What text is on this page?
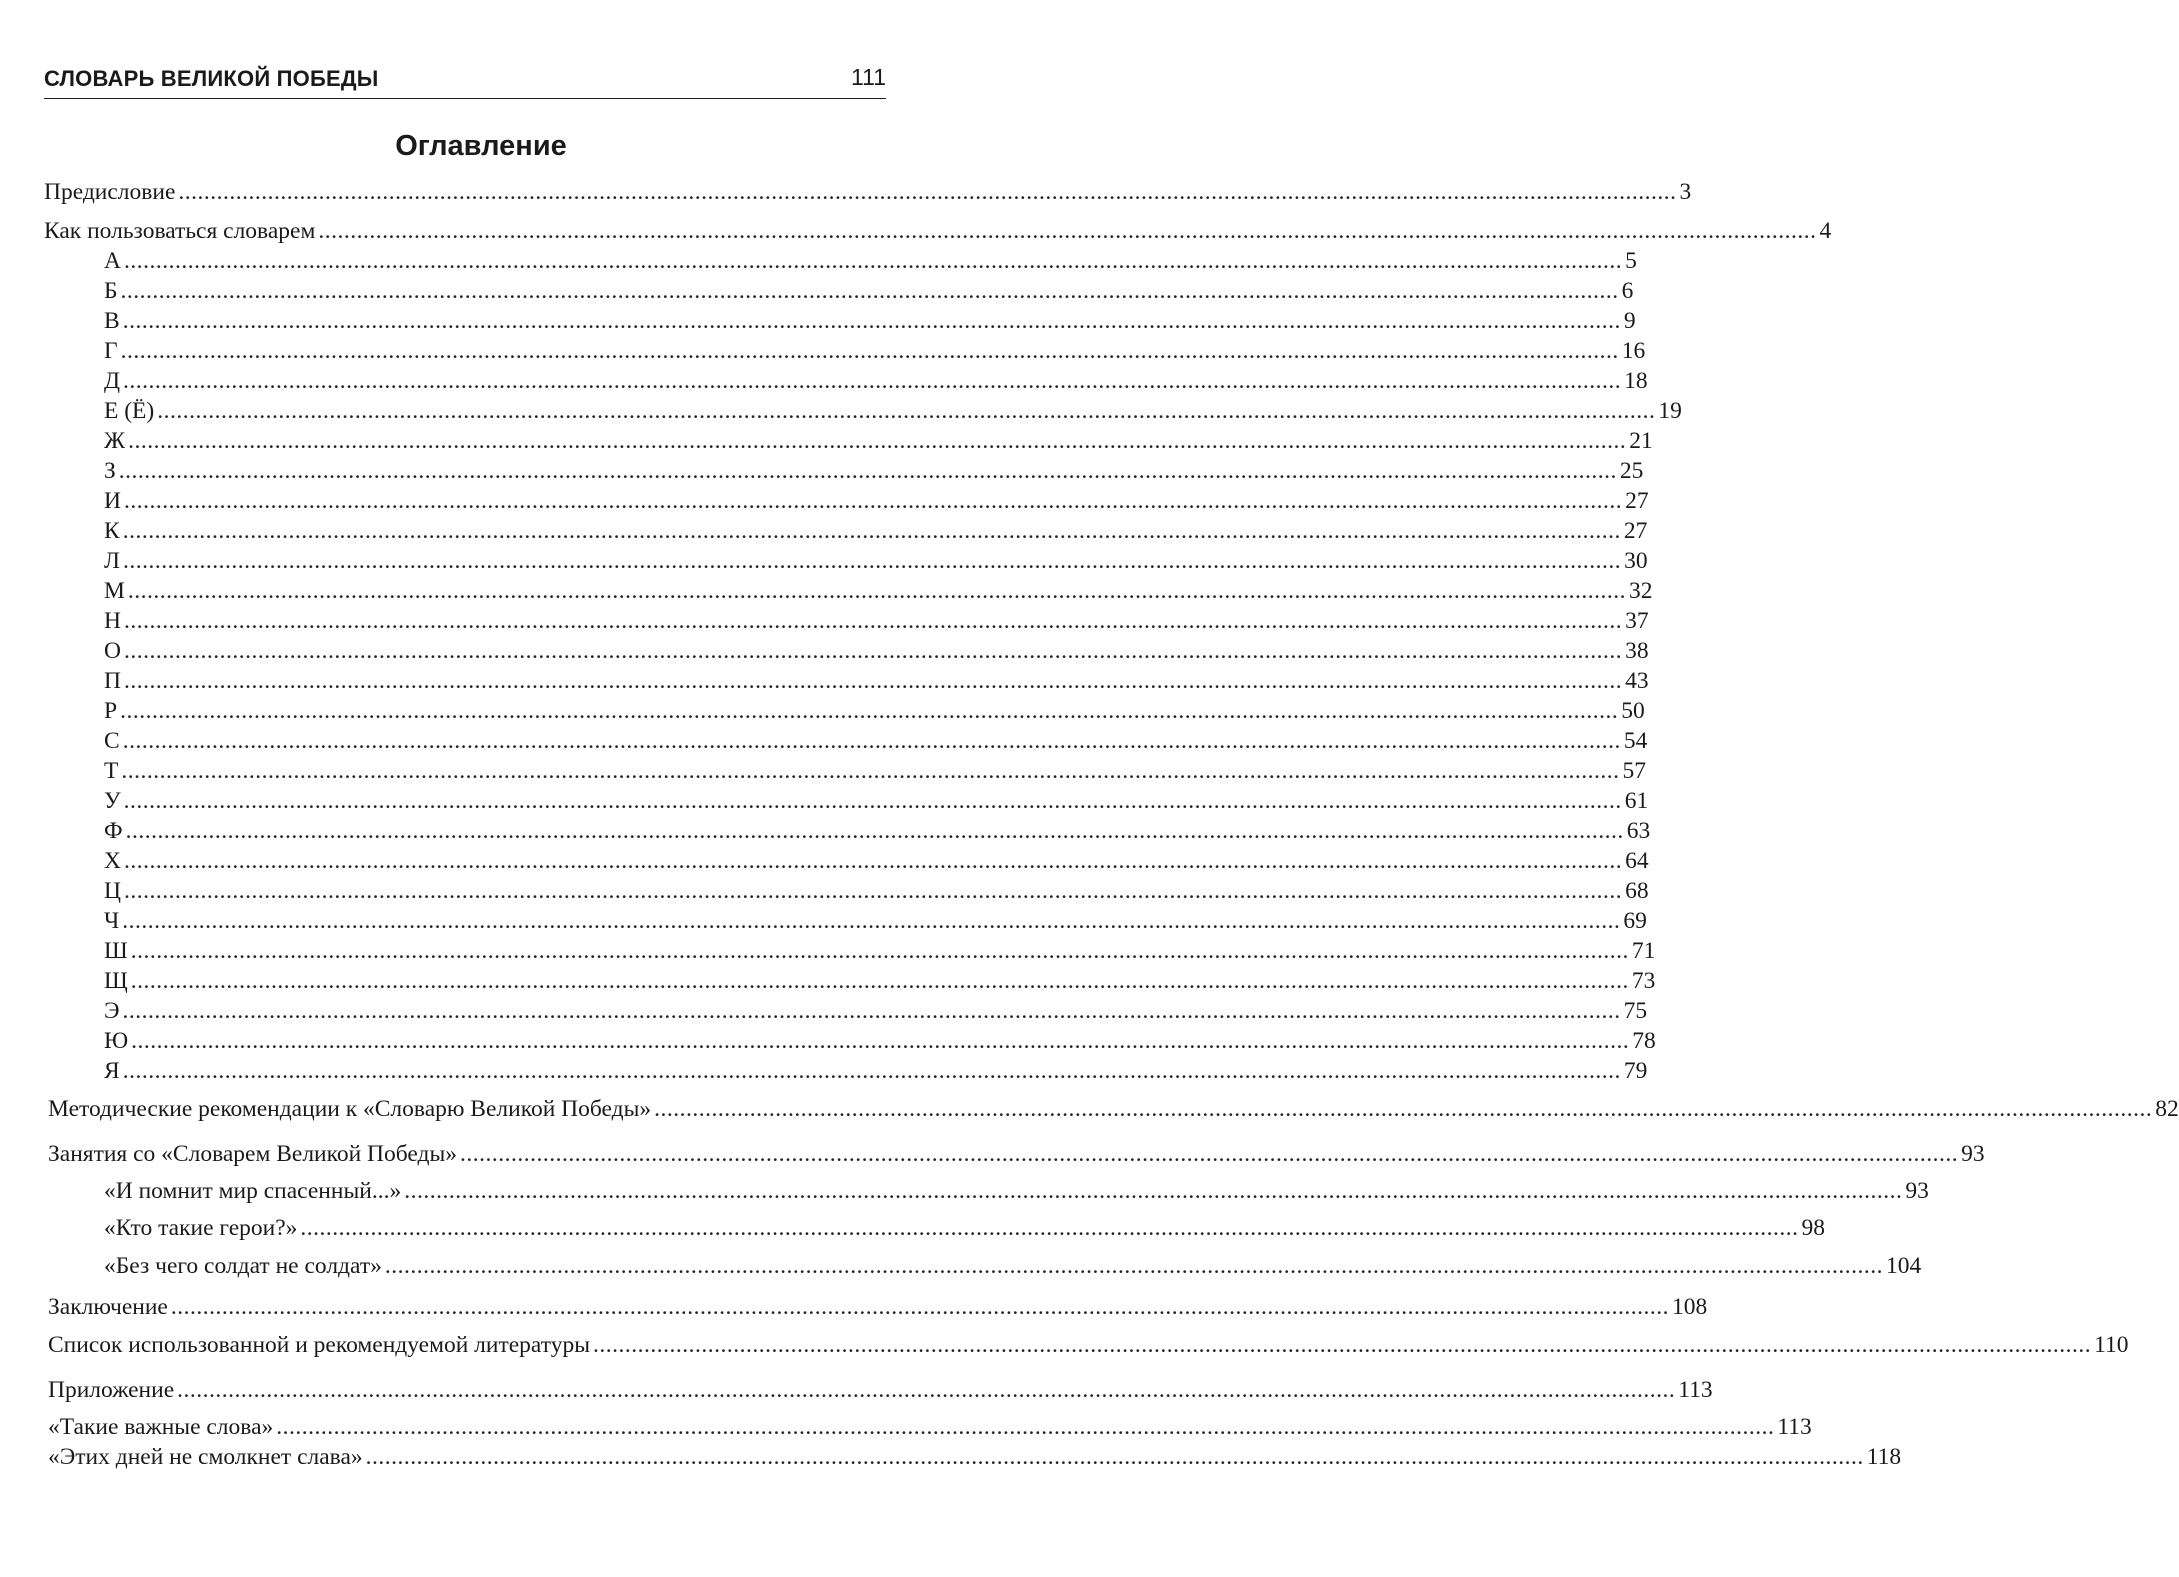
СЛОВАРЬ ВЕЛИКОЙ ПОБЕДЫ	111
Оглавление
Предисловие ........................................................................................................................................................................................................................................... 3
Как пользоваться словарем ........................................................................................................................................................................................................................................... 4
А ........................................................................................................................................................................................................................................... 5
Б ........................................................................................................................................................................................................................................... 6
В ........................................................................................................................................................................................................................................... 9
Г ........................................................................................................................................................................................................................................... 16
Д ........................................................................................................................................................................................................................................... 18
Е (Ё) ........................................................................................................................................................................................................................................... 19
Ж ........................................................................................................................................................................................................................................... 21
З ........................................................................................................................................................................................................................................... 25
И ........................................................................................................................................................................................................................................... 27
К ........................................................................................................................................................................................................................................... 27
Л ........................................................................................................................................................................................................................................... 30
М ........................................................................................................................................................................................................................................... 32
Н ........................................................................................................................................................................................................................................... 37
О ........................................................................................................................................................................................................................................... 38
П ........................................................................................................................................................................................................................................... 43
Р ........................................................................................................................................................................................................................................... 50
С ........................................................................................................................................................................................................................................... 54
Т ........................................................................................................................................................................................................................................... 57
У ........................................................................................................................................................................................................................................... 61
Ф ........................................................................................................................................................................................................................................... 63
Х ........................................................................................................................................................................................................................................... 64
Ц ........................................................................................................................................................................................................................................... 68
Ч ........................................................................................................................................................................................................................................... 69
Ш ........................................................................................................................................................................................................................................... 71
Щ ........................................................................................................................................................................................................................................... 73
Э ........................................................................................................................................................................................................................................... 75
Ю ........................................................................................................................................................................................................................................... 78
Я ........................................................................................................................................................................................................................................... 79
Методические рекомендации к «Словарю Великой Победы» ........................................................................................................................................................................................................................................... 82
Занятия со «Словарем Великой Победы» ........................................................................................................................................................................................................................................... 93
«И помнит мир спасенный...» ........................................................................................................................................................................................................................................... 93
«Кто такие герои?» ........................................................................................................................................................................................................................................... 98
«Без чего солдат не солдат» ........................................................................................................................................................................................................................................... 104
Заключение ........................................................................................................................................................................................................................................... 108
Список использованной и рекомендуемой литературы ........................................................................................................................................................................................................................................... 110
Приложение ........................................................................................................................................................................................................................................... 113
«Такие важные слова» ........................................................................................................................................................................................................................................... 113
«Этих дней не смолкнет слава» ........................................................................................................................................................................................................................................... 118
